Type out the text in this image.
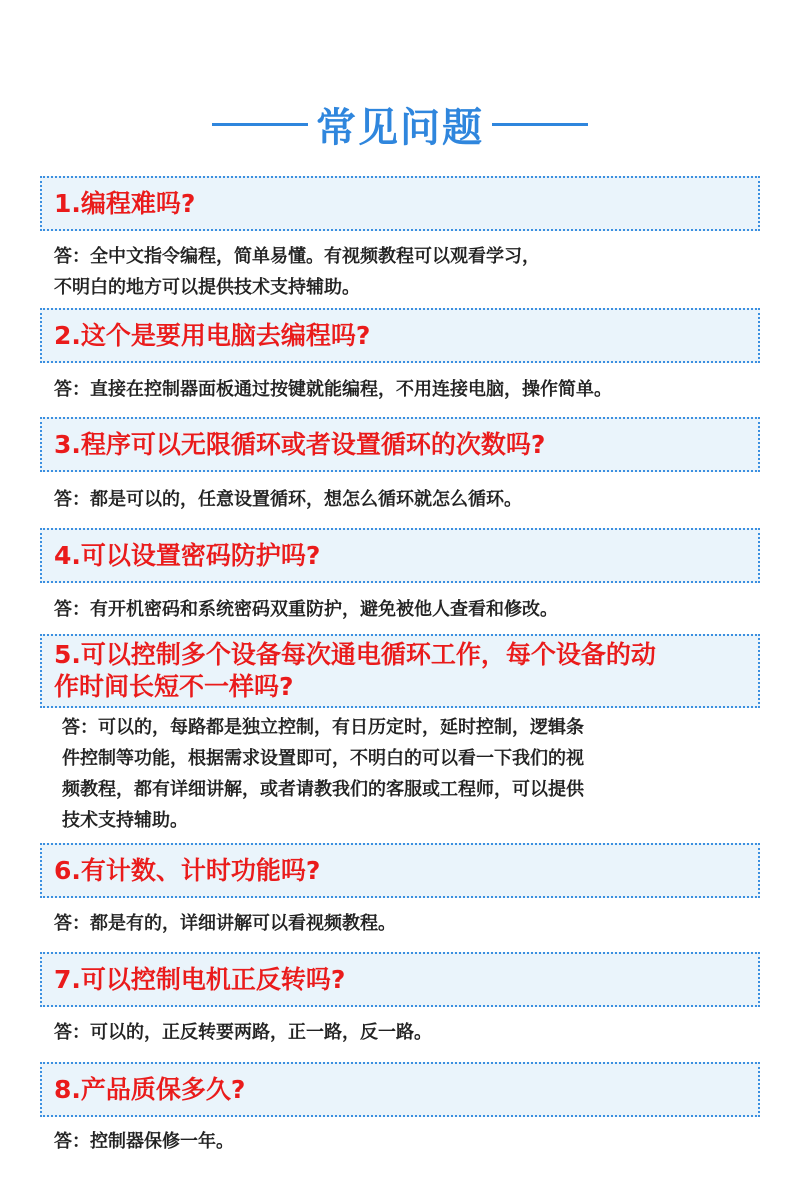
常见问题
1.编程难吗?
答：全中文指令编程，简单易懂。有视频教程可以观看学习，
不明白的地方可以提供技术支持辅助。
2.这个是要用电脑去编程吗?
答：直接在控制器面板通过按键就能编程，不用连接电脑，操作简单。
3.程序可以无限循环或者设置循环的次数吗?
答：都是可以的，任意设置循环，想怎么循环就怎么循环。
4.可以设置密码防护吗?
答：有开机密码和系统密码双重防护，避免被他人查看和修改。
5.可以控制多个设备每次通电循环工作，每个设备的动
作时间长短不一样吗?
答：可以的，每路都是独立控制，有日历定时，延时控制，逻辑条
件控制等功能，根据需求设置即可，不明白的可以看一下我们的视
频教程，都有详细讲解，或者请教我们的客服或工程师，可以提供
技术支持辅助。
6.有计数、计时功能吗?
答：都是有的，详细讲解可以看视频教程。
7.可以控制电机正反转吗?
答：可以的，正反转要两路，正一路，反一路。
8.产品质保多久?
答：控制器保修一年。
